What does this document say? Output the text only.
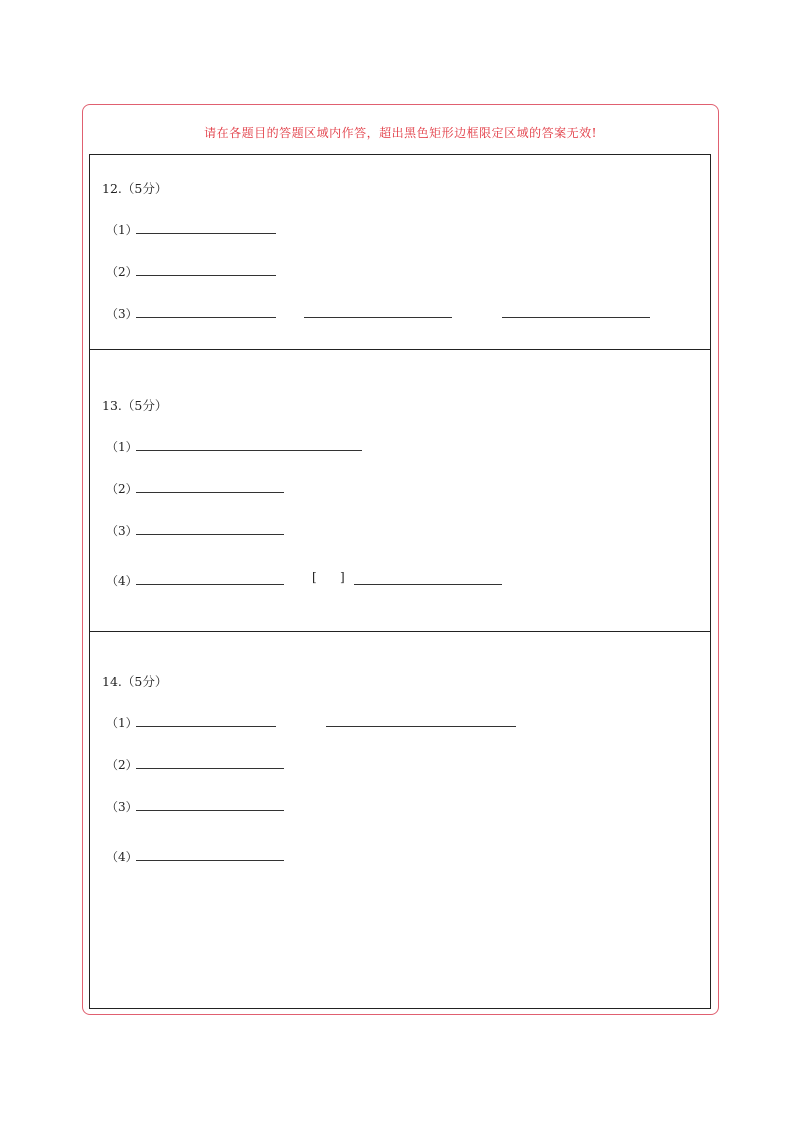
请在各题目的答题区域内作答，超出黑色矩形边框限定区域的答案无效!
12.（5分）
（1）
（2）
（3）
13.（5分）
（1）
（2）
（3）
（4）	[ ]
14.（5分）
（1）
（2）
（3）
（4）
